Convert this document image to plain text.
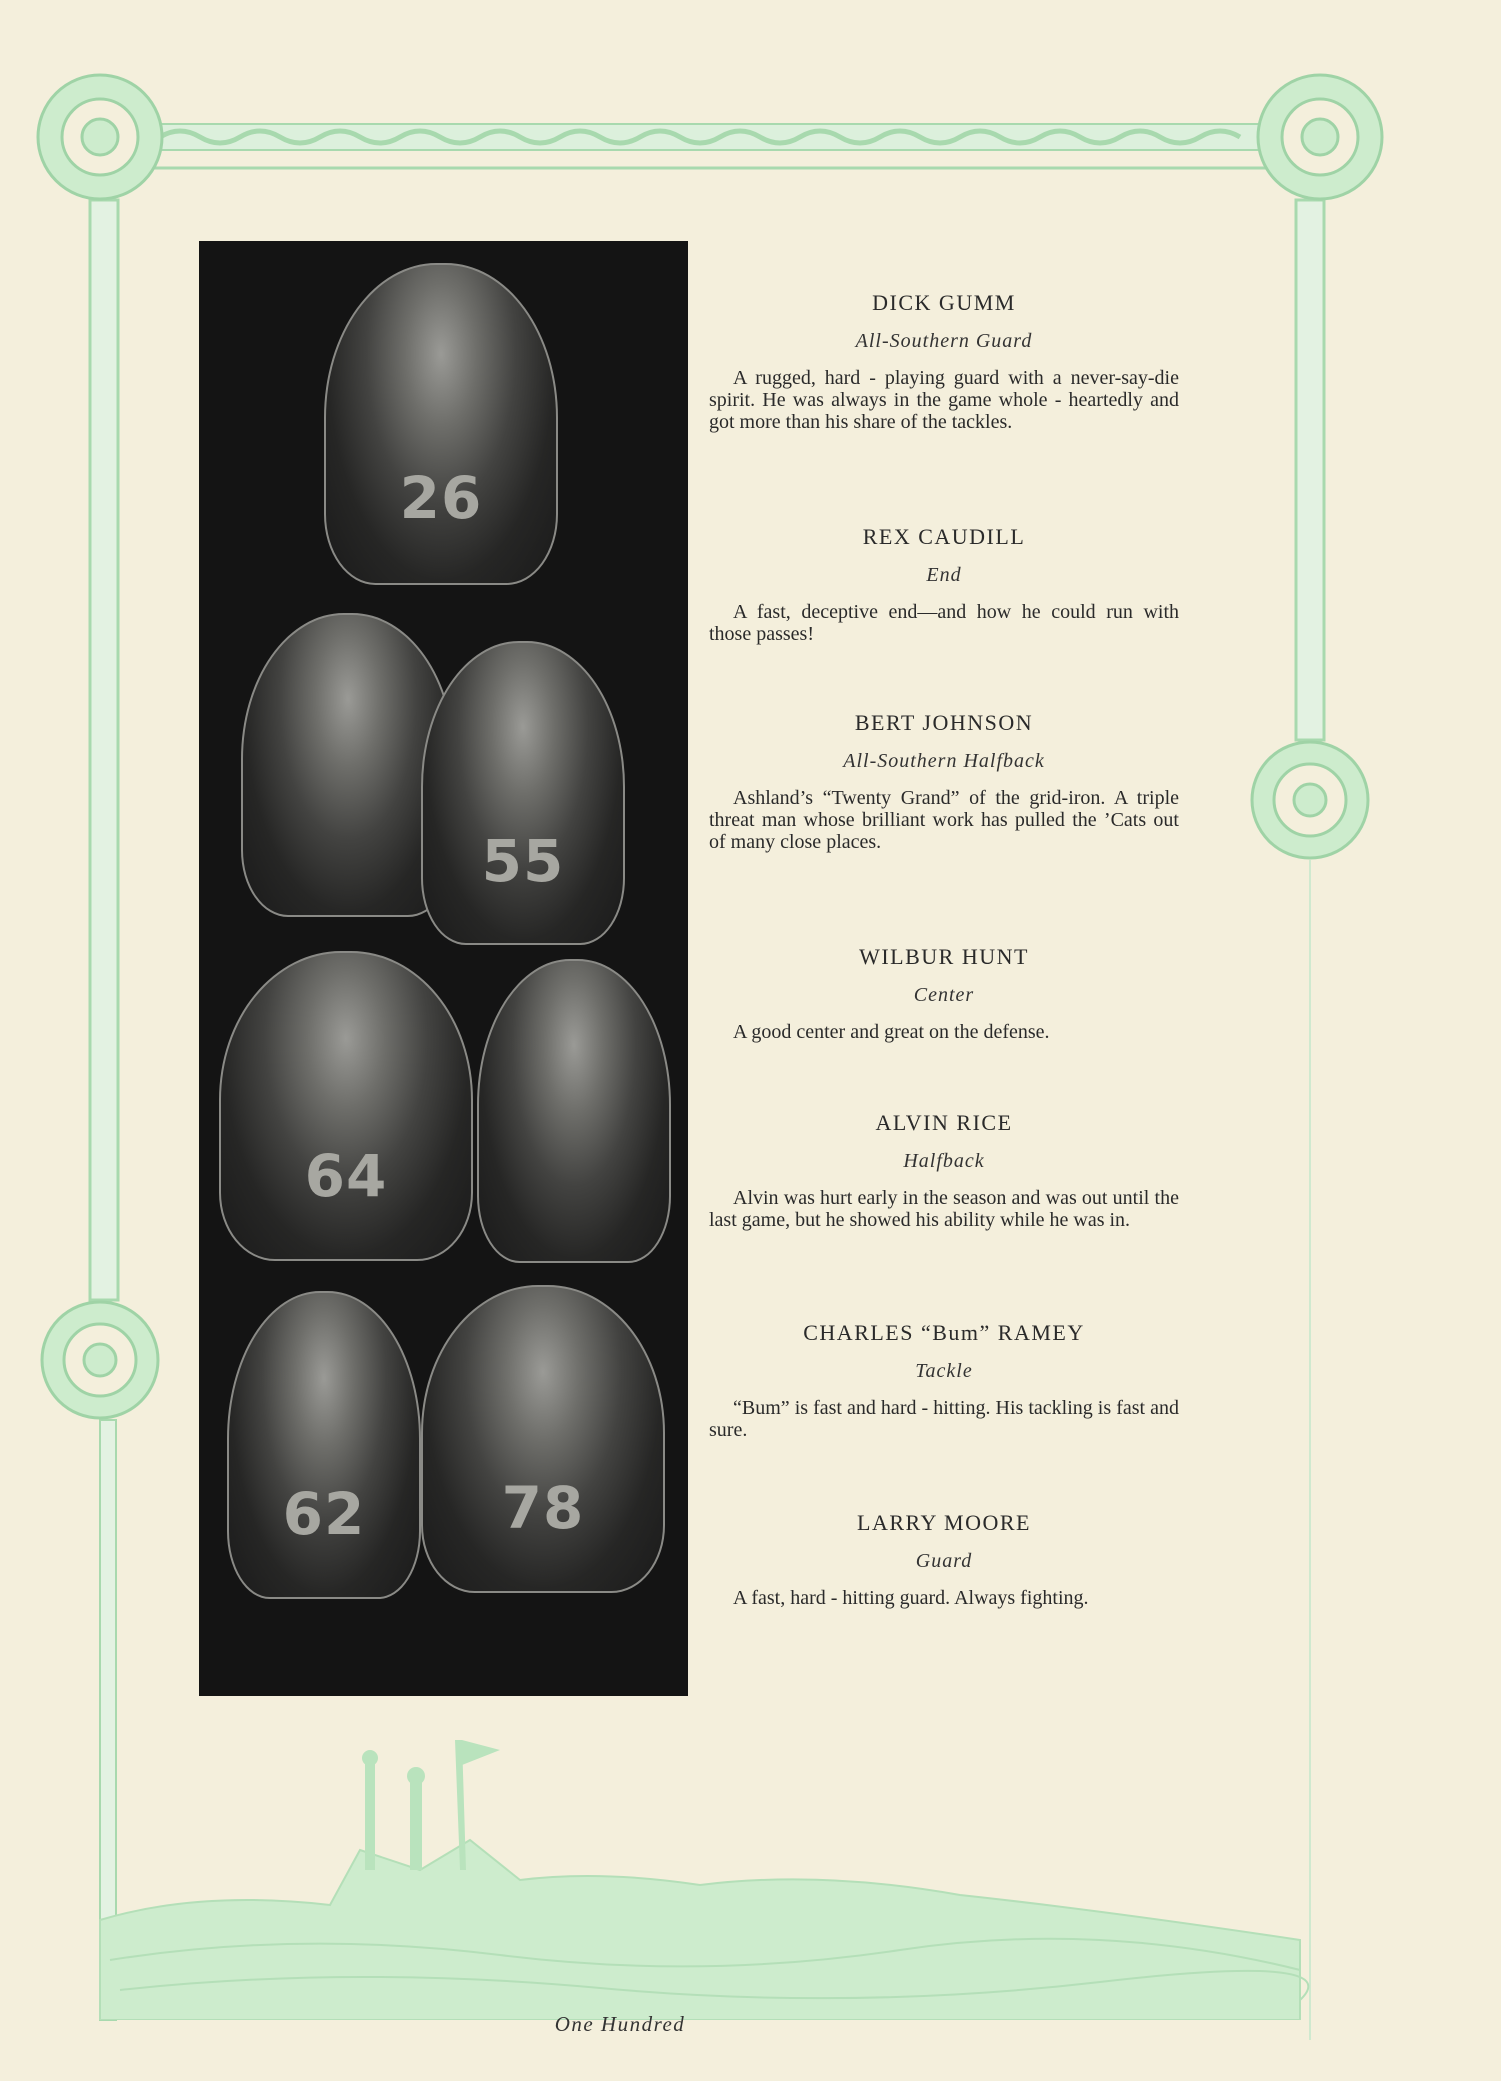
26
55
64
62	78

DICK GUMM

All-Southern Guard

A rugged, hard - playing guard with a never-say-die spirit. He was always in the game whole - heartedly and got more than his share of the tackles.

REX CAUDILL

End

A fast, deceptive end—and how he could run with those passes!

BERT JOHNSON

All-Southern Halfback

Ashland’s “Twenty Grand” of the grid-iron. A triple threat man whose brilliant work has pulled the ’Cats out of many close places.

WILBUR HUNT

Center

A good center and great on the defense.

ALVIN RICE

Halfback

Alvin was hurt early in the season and was out until the last game, but he showed his ability while he was in.

CHARLES “Bum” RAMEY

Tackle

“Bum” is fast and hard - hitting. His tackling is fast and sure.

LARRY MOORE

Guard

A fast, hard - hitting guard. Always fighting.

One Hundred
